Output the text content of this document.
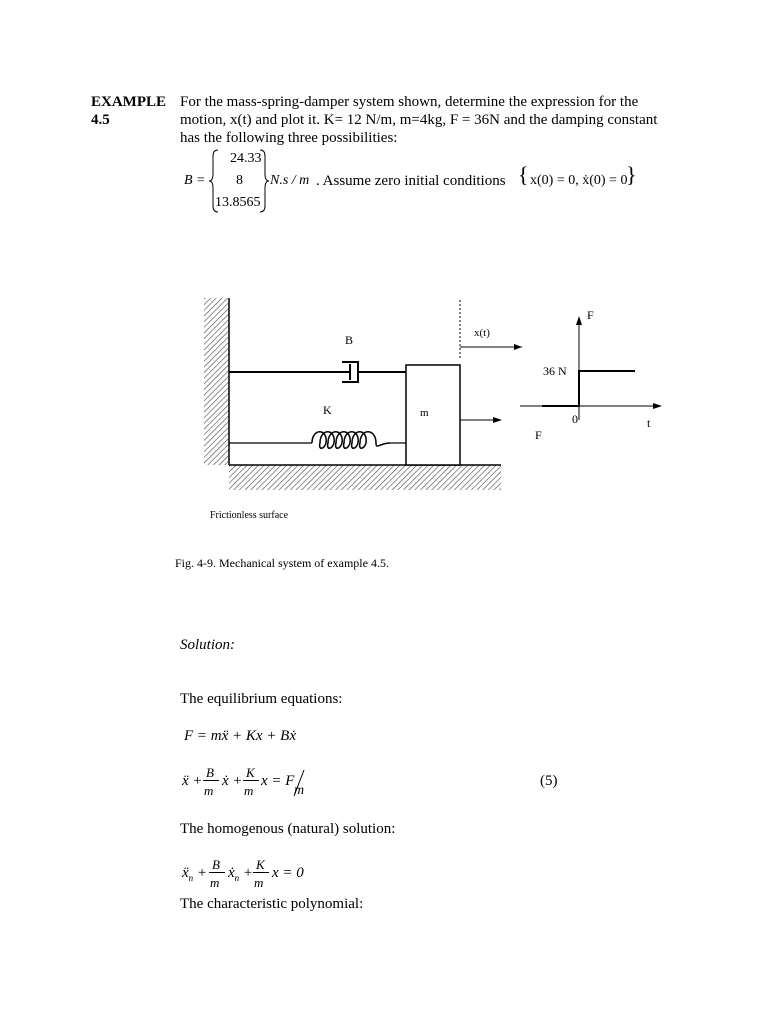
EXAMPLE
4.5
For the mass-spring-damper system shown, determine the expression for the
motion, x(t) and plot it. K= 12 N/m, m=4kg, F = 36N and the damping constant
has the following three possibilities:
B =
24.33
8
13.8565
N.s / m . Assume zero initial conditions { x(0) = 0, ẋ(0) = 0
}
B
K	m
x(t)
F
F
36 N
0	t
Frictionless surface
Fig. 4-9. Mechanical system of example 4.5.
Solution:
The equilibrium equations:
F = mẍ + Kx + Bẋ
ẍ +
B
m
ẋ +
K
m
x = F
m
(5)
The homogenous (natural) solution:
ẍ$_n$ +
B
m
ẋ$_n$ +
K
m
x = 0
The characteristic polynomial:
